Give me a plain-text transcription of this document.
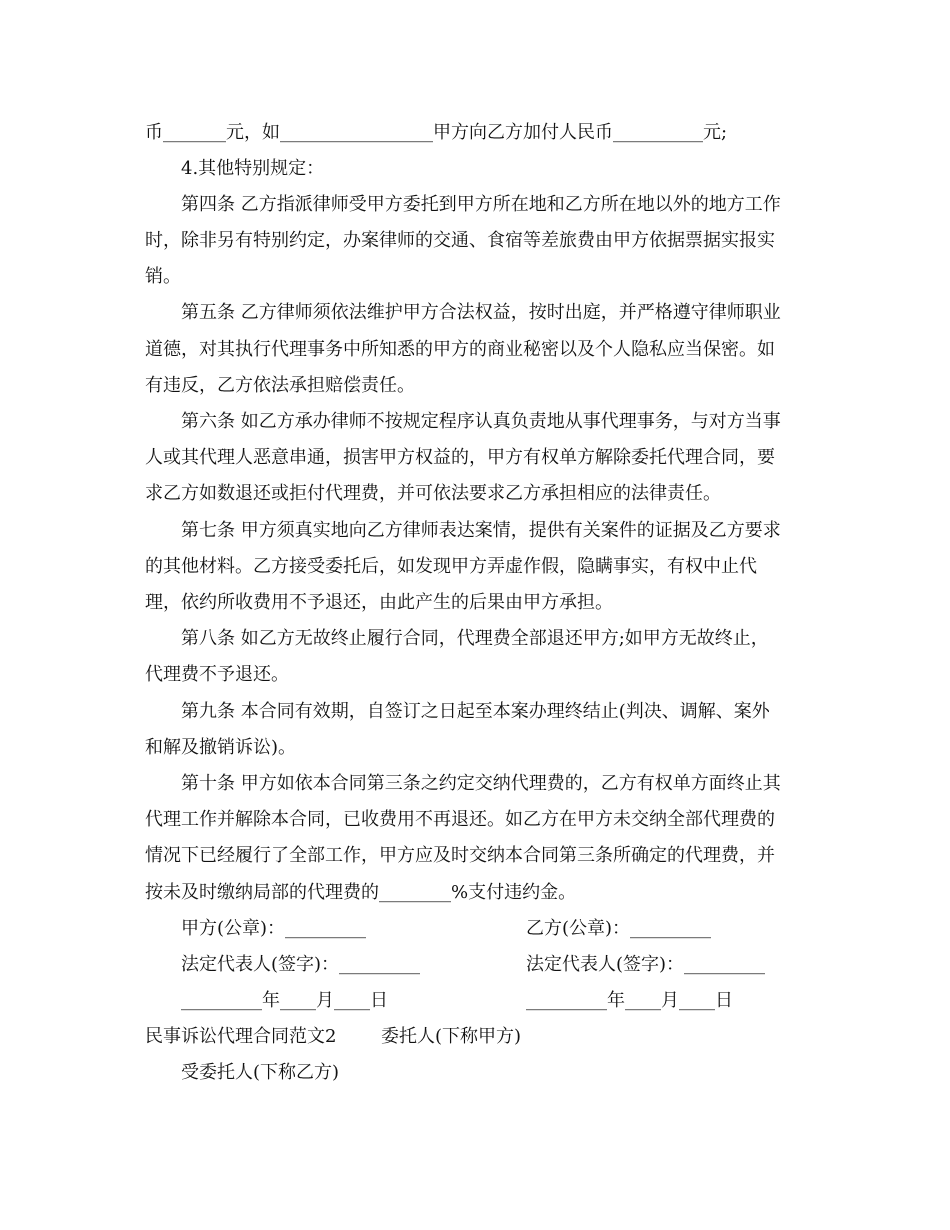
币_______元，如_________________甲方向乙方加付人民币__________元;
4.其他特别规定：
第四条 乙方指派律师受甲方委托到甲方所在地和乙方所在地以外的地方工作
时，除非另有特别约定，办案律师的交通、食宿等差旅费由甲方依据票据实报实
销。
第五条 乙方律师须依法维护甲方合法权益，按时出庭，并严格遵守律师职业
道德，对其执行代理事务中所知悉的甲方的商业秘密以及个人隐私应当保密。如
有违反，乙方依法承担赔偿责任。
第六条 如乙方承办律师不按规定程序认真负责地从事代理事务，与对方当事
人或其代理人恶意串通，损害甲方权益的，甲方有权单方解除委托代理合同，要
求乙方如数退还或拒付代理费，并可依法要求乙方承担相应的法律责任。
第七条 甲方须真实地向乙方律师表达案情，提供有关案件的证据及乙方要求
的其他材料。乙方接受委托后，如发现甲方弄虚作假，隐瞒事实，有权中止代
理，依约所收费用不予退还，由此产生的后果由甲方承担。
第八条 如乙方无故终止履行合同，代理费全部退还甲方;如甲方无故终止，
代理费不予退还。
第九条 本合同有效期，自签订之日起至本案办理终结止(判决、调解、案外
和解及撤销诉讼)。
第十条 甲方如依本合同第三条之约定交纳代理费的，乙方有权单方面终止其
代理工作并解除本合同，已收费用不再退还。如乙方在甲方未交纳全部代理费的
情况下已经履行了全部工作，甲方应及时交纳本合同第三条所确定的代理费，并
按未及时缴纳局部的代理费的________%支付违约金。
甲方(公章)：_________	乙方(公章)：_________
法定代表人(签字)：_________	法定代表人(签字)：_________
_________年____月____日	_________年____月____日
民事诉讼代理合同范文2 委托人(下称甲方)
受委托人(下称乙方)
